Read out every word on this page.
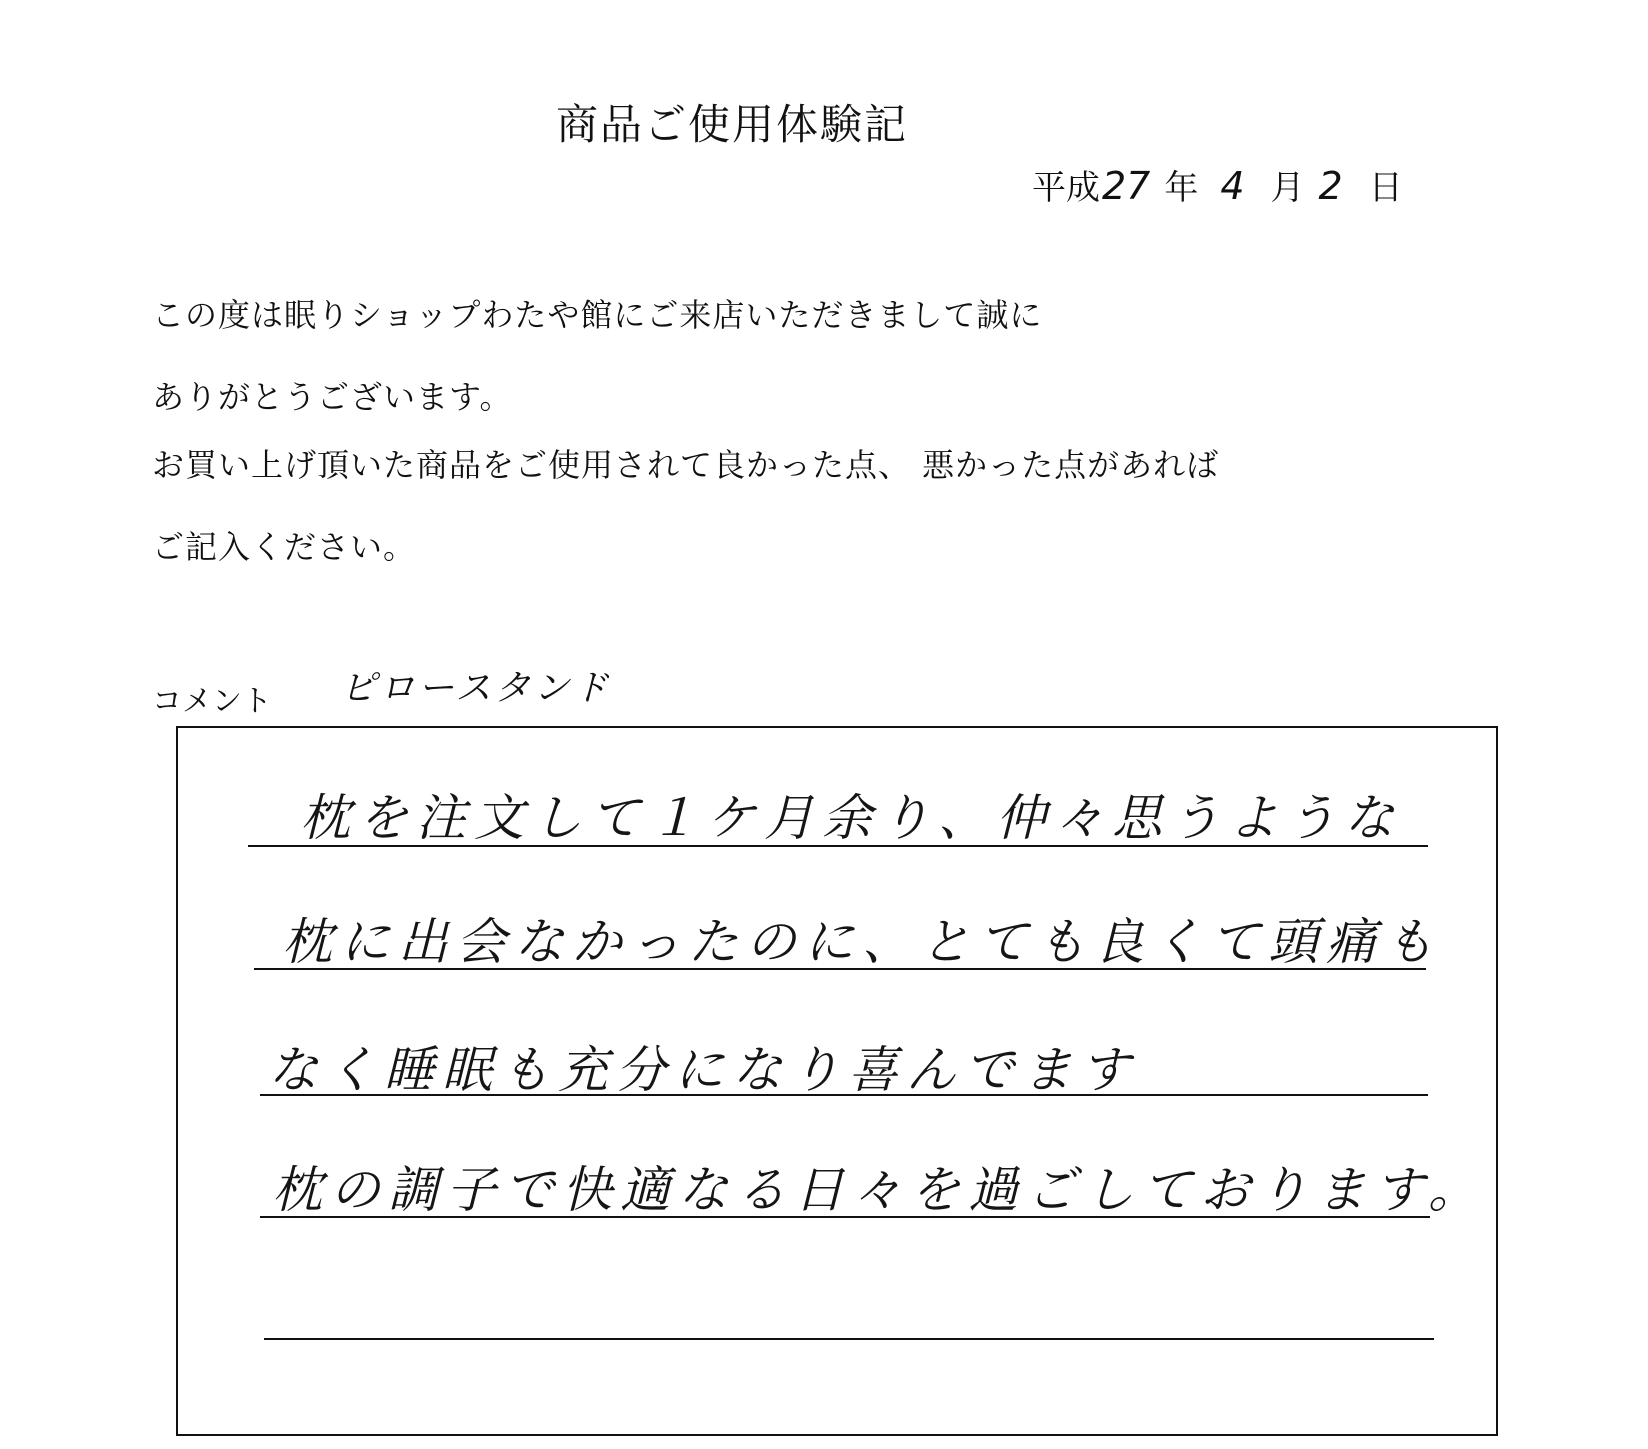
商品ご使用体験記
平成27 年 4 月 2 日
この度は眠りショップわたや館にご来店いただきまして誠に
ありがとうございます。
お買い上げ頂いた商品をご使用されて良かった点、 悪かった点があれば
ご記入ください。
コメント ピロースタンド
枕を注文して１ケ月余り、仲々思うような
枕に出会なかったのに、とても良くて頭痛も
なく睡眠も充分になり喜んでます
枕の調子で快適なる日々を過ごしております。
